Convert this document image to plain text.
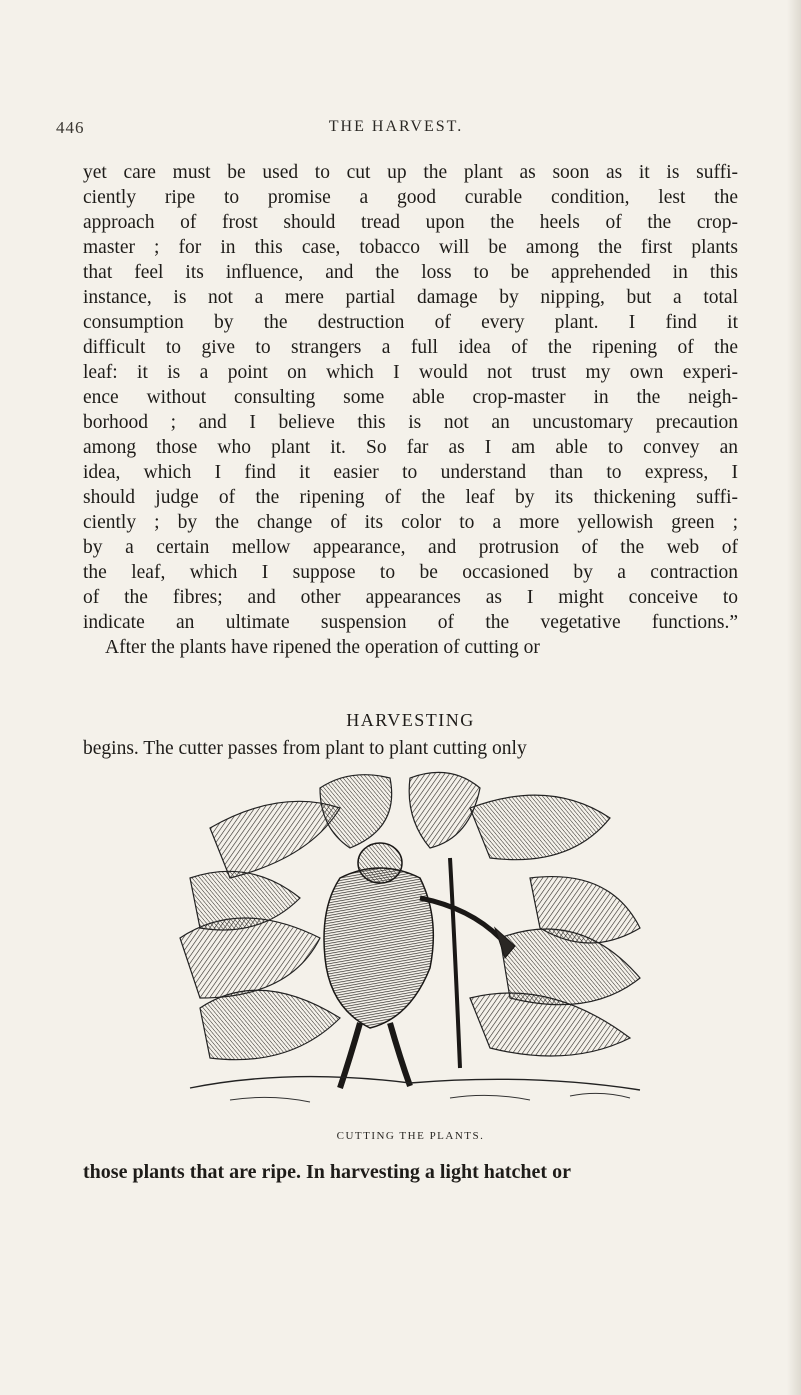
446	THE HARVEST.
yet care must be used to cut up the plant as soon as it is suffi-
ciently ripe to promise a good curable condition, lest the
approach of frost should tread upon the heels of the crop-
master ; for in this case, tobacco will be among the first plants
that feel its influence, and the loss to be apprehended in this
instance, is not a mere partial damage by nipping, but a total
consumption by the destruction of every plant. I find it
difficult to give to strangers a full idea of the ripening of the
leaf: it is a point on which I would not trust my own experi-
ence without consulting some able crop-master in the neigh-
borhood ; and I believe this is not an uncustomary precaution
among those who plant it. So far as I am able to convey an
idea, which I find it easier to understand than to express, I
should judge of the ripening of the leaf by its thickening suffi-
ciently ; by the change of its color to a more yellowish green ;
by a certain mellow appearance, and protrusion of the web of
the leaf, which I suppose to be occasioned by a contraction
of the fibres; and other appearances as I might conceive to
indicate an ultimate suspension of the vegetative functions.”
After the plants have ripened the operation of cutting or
HARVESTING
begins. The cutter passes from plant to plant cutting only
CUTTING THE PLANTS.
those plants that are ripe. In harvesting a light hatchet or
